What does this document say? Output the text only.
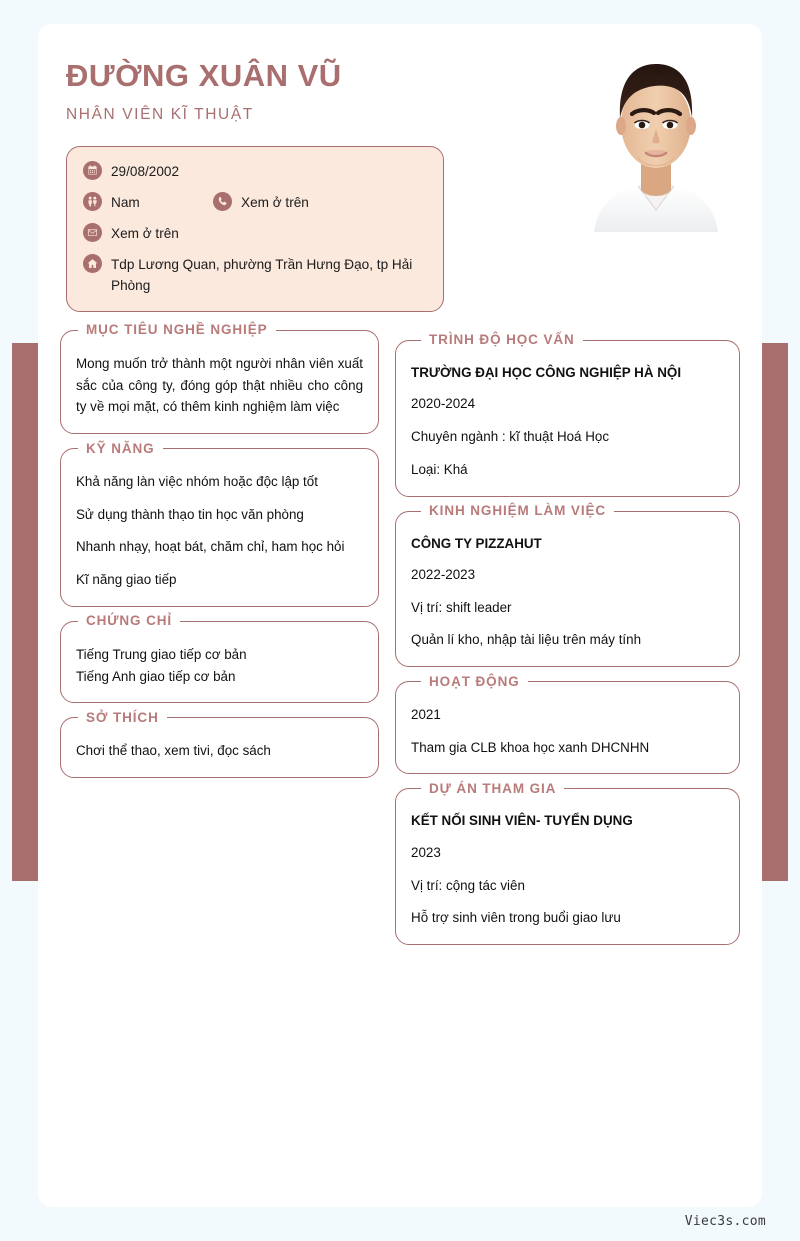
ĐƯỜNG XUÂN VŨ
NHÂN VIÊN KĨ THUẬT
29/08/2002
Nam	Xem ở trên
Xem ở trên
Tdp Lương Quan, phường Trần Hưng Đạo, tp Hải Phòng
MỤC TIÊU NGHỀ NGHIỆP
Mong muốn trở thành một người nhân viên xuất sắc của công ty, đóng góp thật nhiều cho công ty về mọi mặt, có thêm kinh nghiệm làm việc
KỸ NĂNG
Khả năng làn việc nhóm hoặc độc lập tốt
Sử dụng thành thạo tin học văn phòng
Nhanh nhạy, hoạt bát, chăm chỉ, ham học hỏi
Kĩ năng giao tiếp
CHỨNG CHỈ
Tiếng Trung giao tiếp cơ bản
Tiếng Anh giao tiếp cơ bản
SỞ THÍCH
Chơi thể thao, xem tivi, đọc sách
TRÌNH ĐỘ HỌC VẤN
TRƯỜNG ĐẠI HỌC CÔNG NGHIỆP HÀ NỘI
2020-2024
Chuyên ngành : kĩ thuật Hoá Học
Loại: Khá
KINH NGHIỆM LÀM VIỆC
CÔNG TY PIZZAHUT
2022-2023
Vị trí: shift leader
Quản lí kho, nhập tài liệu trên máy tính
HOẠT ĐỘNG
2021
Tham gia CLB khoa học xanh DHCNHN
DỰ ÁN THAM GIA
KẾT NỐI SINH VIÊN- TUYỂN DỤNG
2023
Vị trí: cộng tác viên
Hỗ trợ sinh viên trong buổi giao lưu
Viec3s.com
